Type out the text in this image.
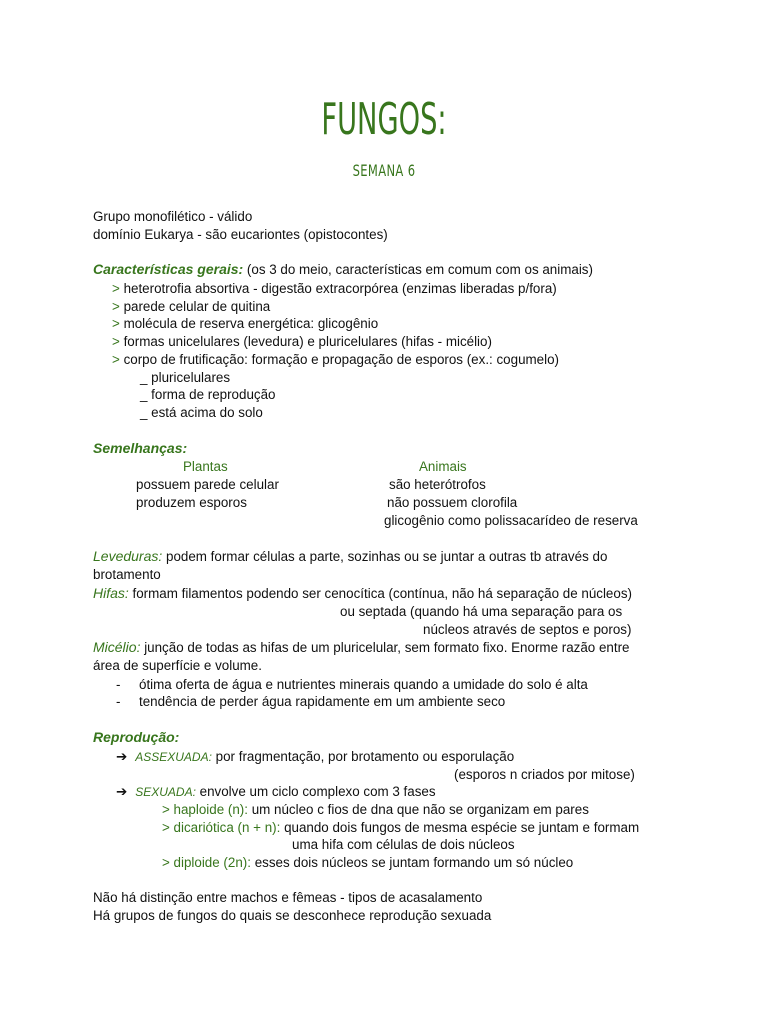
FUNGOS:
SEMANA 6
Grupo monofilético - válido
domínio Eukarya - são eucariontes (opistocontes)
Características gerais: (os 3 do meio, características em comum com os animais)
> heterotrofia absortiva - digestão extracorpórea (enzimas liberadas p/fora)
> parede celular de quitina
> molécula de reserva energética: glicogênio
> formas unicelulares (levedura) e pluricelulares (hifas - micélio)
> corpo de frutificação: formação e propagação de esporos (ex.: cogumelo)
_ pluricelulares
_ forma de reprodução
_ está acima do solo
Semelhanças:
Plantas	Animais
possuem parede celular
produzem esporos
são heterótrofos
não possuem clorofila
glicogênio como polissacarídeo de reserva
Leveduras: podem formar células a parte, sozinhas ou se juntar a outras tb através do
brotamento
Hifas: formam filamentos podendo ser cenocítica (contínua, não há separação de núcleos)
ou septada (quando há uma separação para os
núcleos através de septos e poros)
Micélio: junção de todas as hifas de um pluricelular, sem formato fixo. Enorme razão entre
área de superfície e volume.
- ótima oferta de água e nutrientes minerais quando a umidade do solo é alta
- tendência de perder água rapidamente em um ambiente seco
Reprodução:
➔ ASSEXUADA: por fragmentação, por brotamento ou esporulação
(esporos n criados por mitose)
➔ SEXUADA: envolve um ciclo complexo com 3 fases
> haploide (n): um núcleo c fios de dna que não se organizam em pares
> dicariótica (n + n): quando dois fungos de mesma espécie se juntam e formam
uma hifa com células de dois núcleos
> diploide (2n): esses dois núcleos se juntam formando um só núcleo
Não há distinção entre machos e fêmeas - tipos de acasalamento
Há grupos de fungos do quais se desconhece reprodução sexuada
